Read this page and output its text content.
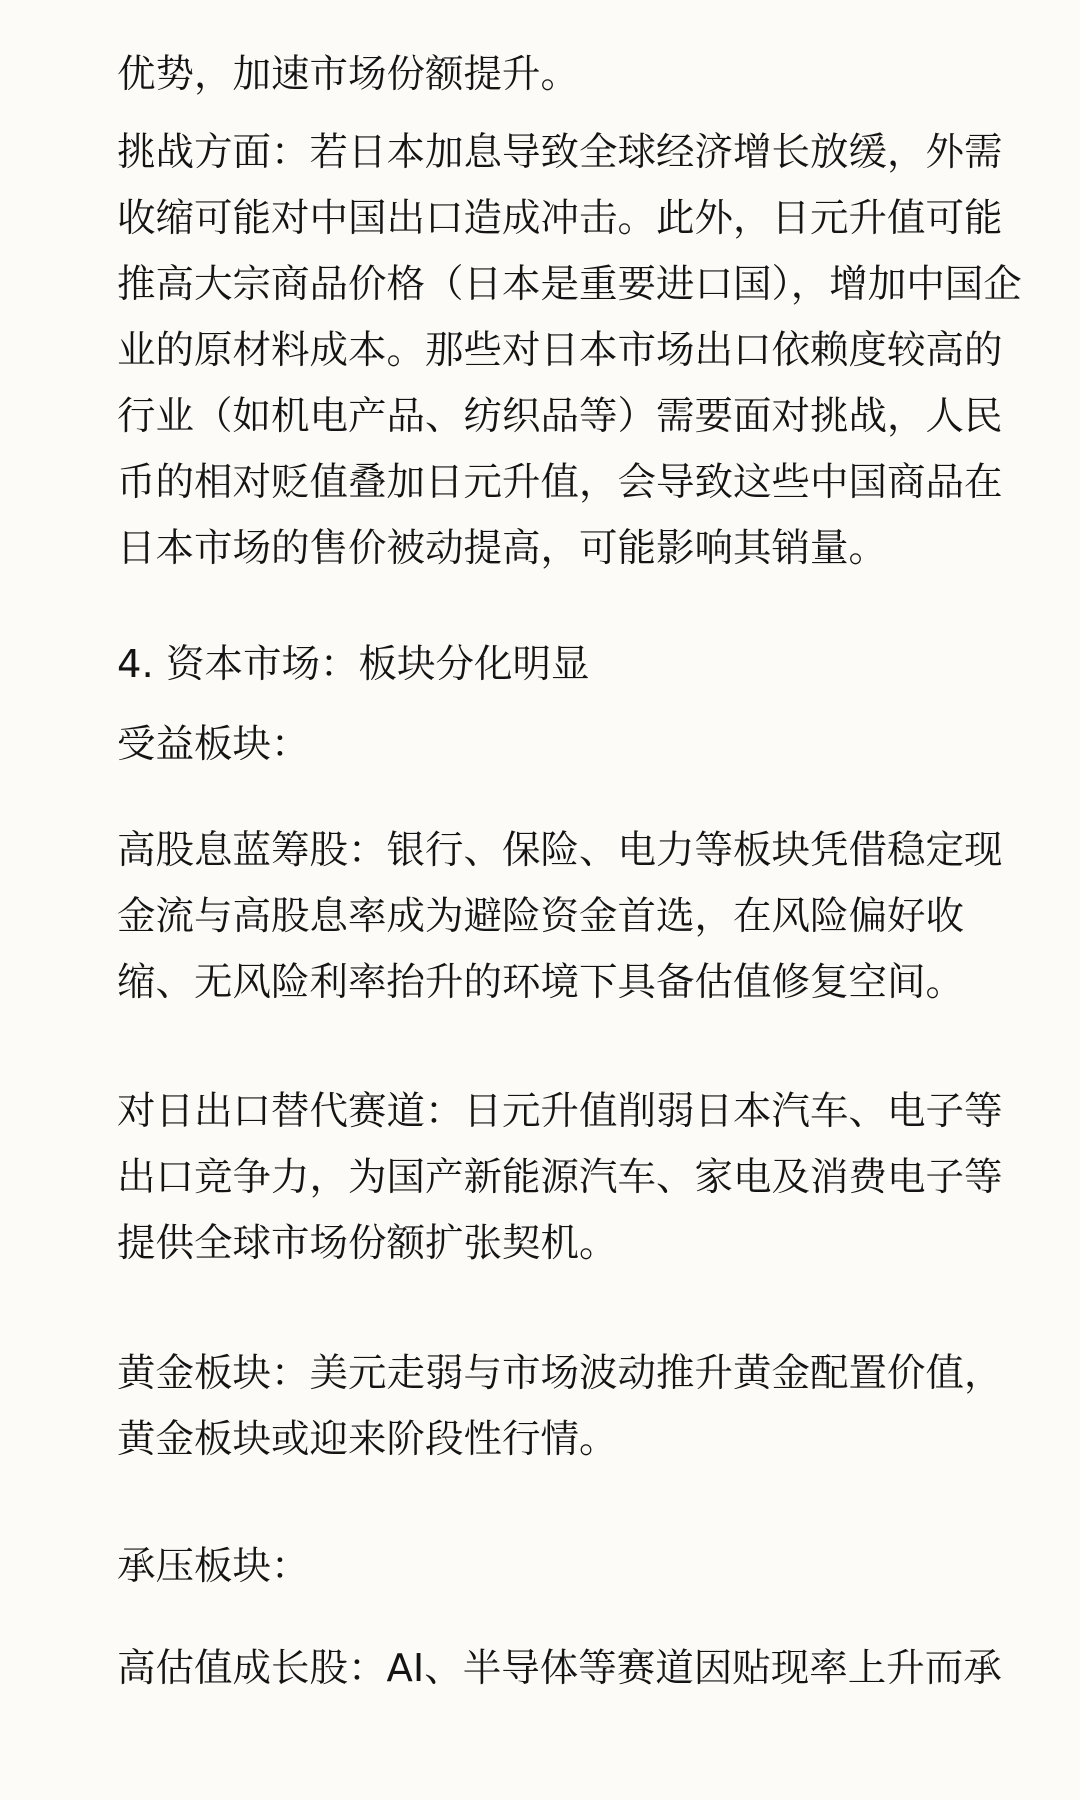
优势，加速市场份额提升。

挑战方面：若日本加息导致全球经济增长放缓，外需收缩可能对中国出口造成冲击。此外，日元升值可能推高大宗商品价格（日本是重要进口国），增加中国企业的原材料成本。那些对日本市场出口依赖度较高的行业（如机电产品、纺织品等）需要面对挑战，人民币的相对贬值叠加日元升值，会导致这些中国商品在日本市场的售价被动提高，可能影响其销量。

4. 资本市场：板块分化明显

受益板块：

高股息蓝筹股：银行、保险、电力等板块凭借稳定现金流与高股息率成为避险资金首选，在风险偏好收缩、无风险利率抬升的环境下具备估值修复空间。

对日出口替代赛道：日元升值削弱日本汽车、电子等出口竞争力，为国产新能源汽车、家电及消费电子等提供全球市场份额扩张契机。

黄金板块：美元走弱与市场波动推升黄金配置价值，黄金板块或迎来阶段性行情。

承压板块：

高估值成长股：AI、半导体等赛道因贴现率上升而承
